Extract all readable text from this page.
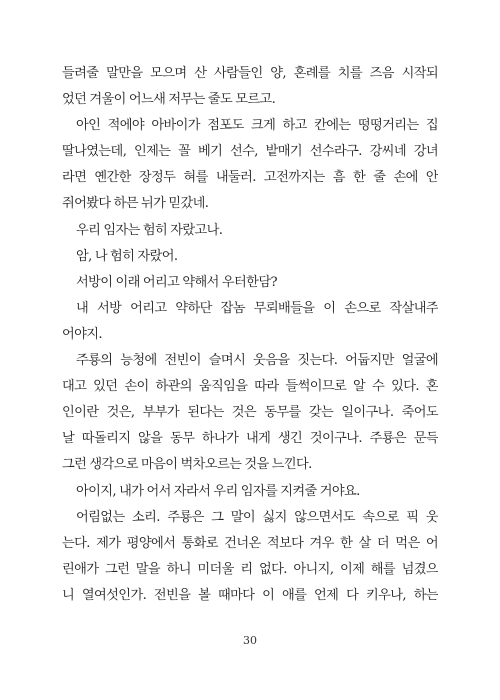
들려줄 말만을 모으며 산 사람들인 양, 혼례를 치를 즈음 시작되
었던 겨울이 어느새 저무는 줄도 모르고.
아인 적에야 아바이가 점포도 크게 하고 칸에는 떵떵거리는 집
딸나였는데, 인제는 꼴 베기 선수, 밭매기 선수라구. 강씨네 강녀
라면 옌간한 장정두 혀를 내둘러. 고전까지는 흠 한 줄 손에 안
쥐어봤다 하믄 뉘가 믿갔네.
우리 임자는 험히 자랐고나.
암, 나 험히 자랐어.
서방이 이래 어리고 약해서 우터한담?
내 서방 어리고 약하단 잡놈 무뢰배들을 이 손으로 작살내주
어야지.
주룡의 능청에 전빈이 슬며시 웃음을 짓는다. 어둡지만 얼굴에
대고 있던 손이 하관의 움직임을 따라 들썩이므로 알 수 있다. 혼
인이란 것은, 부부가 된다는 것은 동무를 갖는 일이구나. 죽어도
날 따돌리지 않을 동무 하나가 내게 생긴 것이구나. 주룡은 문득
그런 생각으로 마음이 벅차오르는 것을 느낀다.
아이지, 내가 어서 자라서 우리 임자를 지켜줄 거야요.
어림없는 소리. 주룡은 그 말이 싫지 않으면서도 속으로 픽 웃
는다. 제가 평양에서 통화로 건너온 적보다 겨우 한 살 더 먹은 어
린애가 그런 말을 하니 미더울 리 없다. 아니지, 이제 해를 넘겼으
니 열여섯인가. 전빈을 볼 때마다 이 애를 언제 다 키우나, 하는
30
